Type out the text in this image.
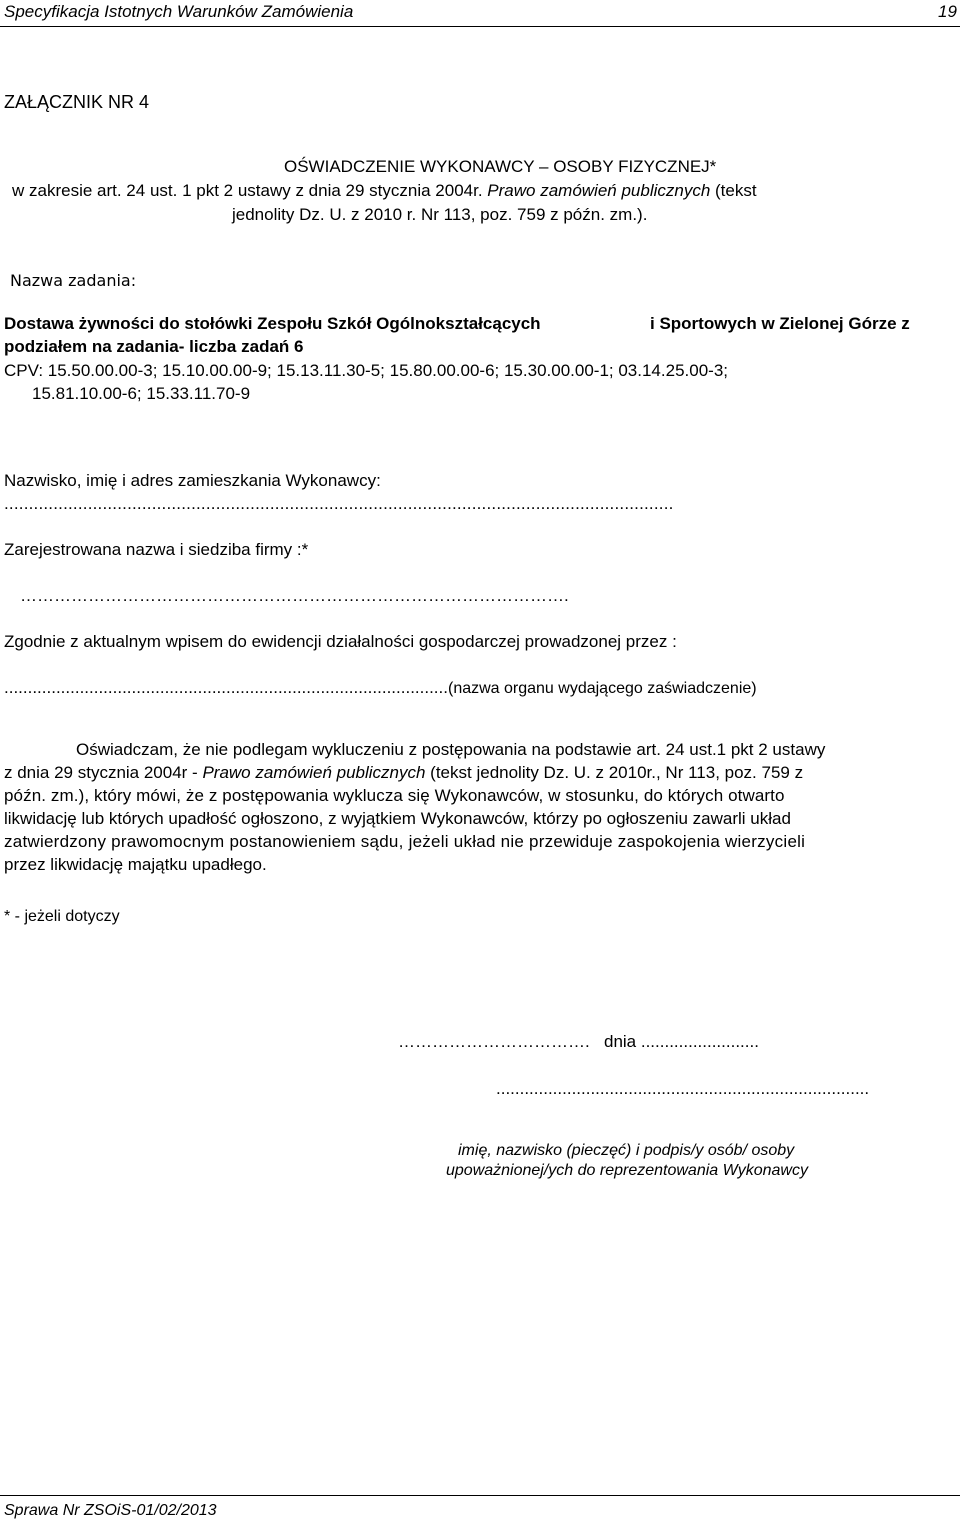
Specyfikacja Istotnych Warunków Zamówienia	19
ZAŁĄCZNIK NR 4
OŚWIADCZENIE WYKONAWCY – OSOBY FIZYCZNEJ*
w zakresie art. 24 ust. 1 pkt 2 ustawy z dnia 29 stycznia 2004r. Prawo zamówień publicznych (tekst
jednolity Dz. U. z 2010 r. Nr 113, poz. 759 z późn. zm.).
Nazwa zadania:
Dostawa żywności do stołówki Zespołu Szkół Ogólnokształcących	i Sportowych w Zielonej Górze z
podziałem na zadania- liczba zadań 6
CPV: 15.50.00.00-3; 15.10.00.00-9; 15.13.11.30-5; 15.80.00.00-6; 15.30.00.00-1; 03.14.25.00-3;
15.81.10.00-6; 15.33.11.70-9
Nazwisko, imię i adres zamieszkania Wykonawcy:
........................................................................................................................................
Zarejestrowana nazwa i siedziba firmy :*
…………………………………………………………………………………….
Zgodnie z aktualnym wpisem do ewidencji działalności gospodarczej prowadzonej przez :
..............................................................................................(nazwa organu wydającego zaświadczenie)
Oświadczam, że nie podlegam wykluczeniu z postępowania na podstawie art. 24 ust.1 pkt 2 ustawy
z dnia 29 stycznia 2004r - Prawo zamówień publicznych (tekst jednolity Dz. U. z 2010r., Nr 113, poz. 759 z
późn. zm.), który mówi, że z postępowania wyklucza się Wykonawców, w stosunku, do których otwarto
likwidację lub których upadłość ogłoszono, z wyjątkiem Wykonawców, którzy po ogłoszeniu zawarli układ
zatwierdzony prawomocnym postanowieniem sądu, jeżeli układ nie przewiduje zaspokojenia wierzycieli
przez likwidację majątku upadłego.
* - jeżeli dotyczy
……………………………. dnia .........................
...............................................................................
imię, nazwisko (pieczęć) i podpis/y osób/ osoby
upoważnionej/ych do reprezentowania Wykonawcy
Sprawa Nr ZSOiS-01/02/2013
